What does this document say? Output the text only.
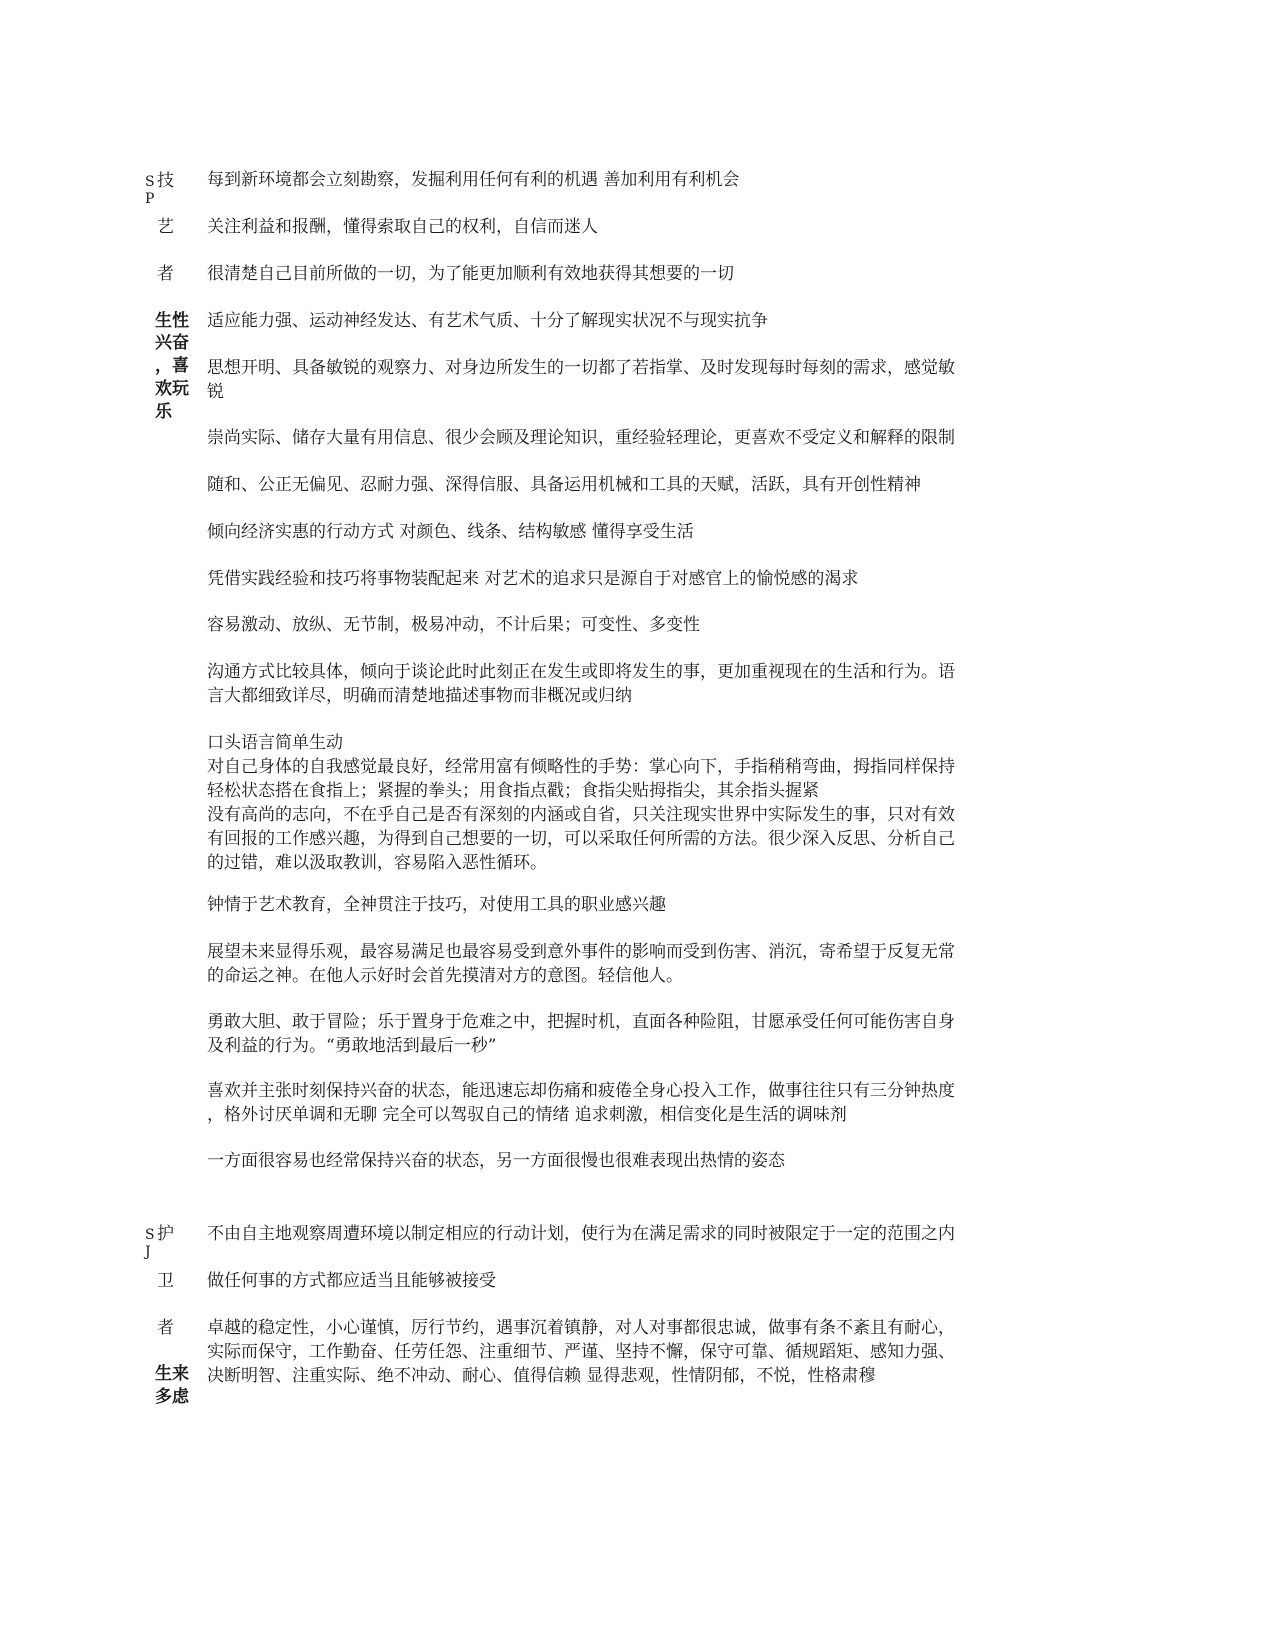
S
P
技
艺
者
生性
兴奋
，喜
欢玩
乐
每到新环境都会立刻勘察，发掘利用任何有利的机遇 善加利用有利机会
关注利益和报酬，懂得索取自己的权利，自信而迷人
很清楚自己目前所做的一切，为了能更加顺利有效地获得其想要的一切
适应能力强、运动神经发达、有艺术气质、十分了解现实状况不与现实抗争
思想开明、具备敏锐的观察力、对身边所发生的一切都了若指掌、及时发现每时每刻的需求，感觉敏
锐
崇尚实际、储存大量有用信息、很少会顾及理论知识，重经验轻理论，更喜欢不受定义和解释的限制
随和、公正无偏见、忍耐力强、深得信服、具备运用机械和工具的天赋，活跃，具有开创性精神
倾向经济实惠的行动方式 对颜色、线条、结构敏感 懂得享受生活
凭借实践经验和技巧将事物装配起来 对艺术的追求只是源自于对感官上的愉悦感的渴求
容易激动、放纵、无节制，极易冲动，不计后果；可变性、多变性
沟通方式比较具体，倾向于谈论此时此刻正在发生或即将发生的事，更加重视现在的生活和行为。语
言大都细致详尽，明确而清楚地描述事物而非概况或归纳
口头语言简单生动
对自己身体的自我感觉最良好，经常用富有倾略性的手势：掌心向下，手指稍稍弯曲，拇指同样保持
轻松状态搭在食指上；紧握的拳头；用食指点戳；食指尖贴拇指尖，其余指头握紧
没有高尚的志向，不在乎自己是否有深刻的内涵或自省，只关注现实世界中实际发生的事，只对有效
有回报的工作感兴趣，为得到自己想要的一切，可以采取任何所需的方法。很少深入反思、分析自己
的过错，难以汲取教训，容易陷入恶性循环。
钟情于艺术教育，全神贯注于技巧，对使用工具的职业感兴趣
展望未来显得乐观，最容易满足也最容易受到意外事件的影响而受到伤害、消沉，寄希望于反复无常
的命运之神。在他人示好时会首先摸清对方的意图。轻信他人。
勇敢大胆、敢于冒险；乐于置身于危难之中，把握时机，直面各种险阻，甘愿承受任何可能伤害自身
及利益的行为。“勇敢地活到最后一秒”
喜欢并主张时刻保持兴奋的状态，能迅速忘却伤痛和疲倦全身心投入工作，做事往往只有三分钟热度
，格外讨厌单调和无聊 完全可以驾驭自己的情绪 追求刺激，相信变化是生活的调味剂
一方面很容易也经常保持兴奋的状态，另一方面很慢也很难表现出热情的姿态
S
J
护
卫
者
生来
多虑
不由自主地观察周遭环境以制定相应的行动计划，使行为在满足需求的同时被限定于一定的范围之内
做任何事的方式都应适当且能够被接受
卓越的稳定性，小心谨慎，厉行节约，遇事沉着镇静，对人对事都很忠诚，做事有条不紊且有耐心，
实际而保守，工作勤奋、任劳任怨、注重细节、严谨、坚持不懈，保守可靠、循规蹈矩、感知力强、
决断明智、注重实际、绝不冲动、耐心、值得信赖 显得悲观，性情阴郁，不悦，性格肃穆
